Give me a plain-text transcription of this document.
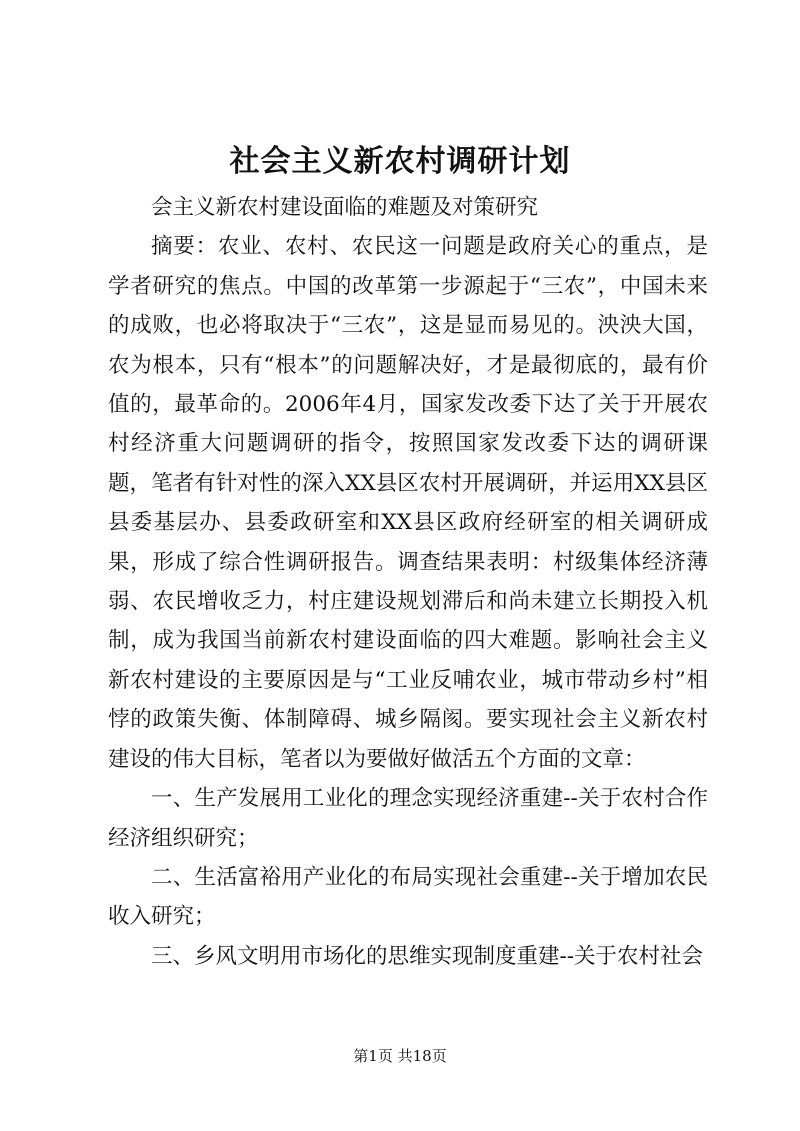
社会主义新农村调研计划

会主义新农村建设面临的难题及对策研究

摘要：农业、农村、农民这一问题是政府关心的重点，是学者研究的焦点。中国的改革第一步源起于“三农”，中国未来的成败，也必将取决于“三农”，这是显而易见的。泱泱大国，农为根本，只有“根本”的问题解决好，才是最彻底的，最有价值的，最革命的。2006年4月，国家发改委下达了关于开展农村经济重大问题调研的指令，按照国家发改委下达的调研课题，笔者有针对性的深入XX县区农村开展调研，并运用XX县区县委基层办、县委政研室和XX县区政府经研室的相关调研成果，形成了综合性调研报告。调查结果表明：村级集体经济薄弱、农民增收乏力，村庄建设规划滞后和尚未建立长期投入机制，成为我国当前新农村建设面临的四大难题。影响社会主义新农村建设的主要原因是与“工业反哺农业，城市带动乡村”相悖的政策失衡、体制障碍、城乡隔阂。要实现社会主义新农村建设的伟大目标，笔者以为要做好做活五个方面的文章：

一、生产发展用工业化的理念实现经济重建--关于农村合作经济组织研究；

二、生活富裕用产业化的布局实现社会重建--关于增加农民收入研究；

三、乡风文明用市场化的思维实现制度重建--关于农村社会

第1页 共18页
